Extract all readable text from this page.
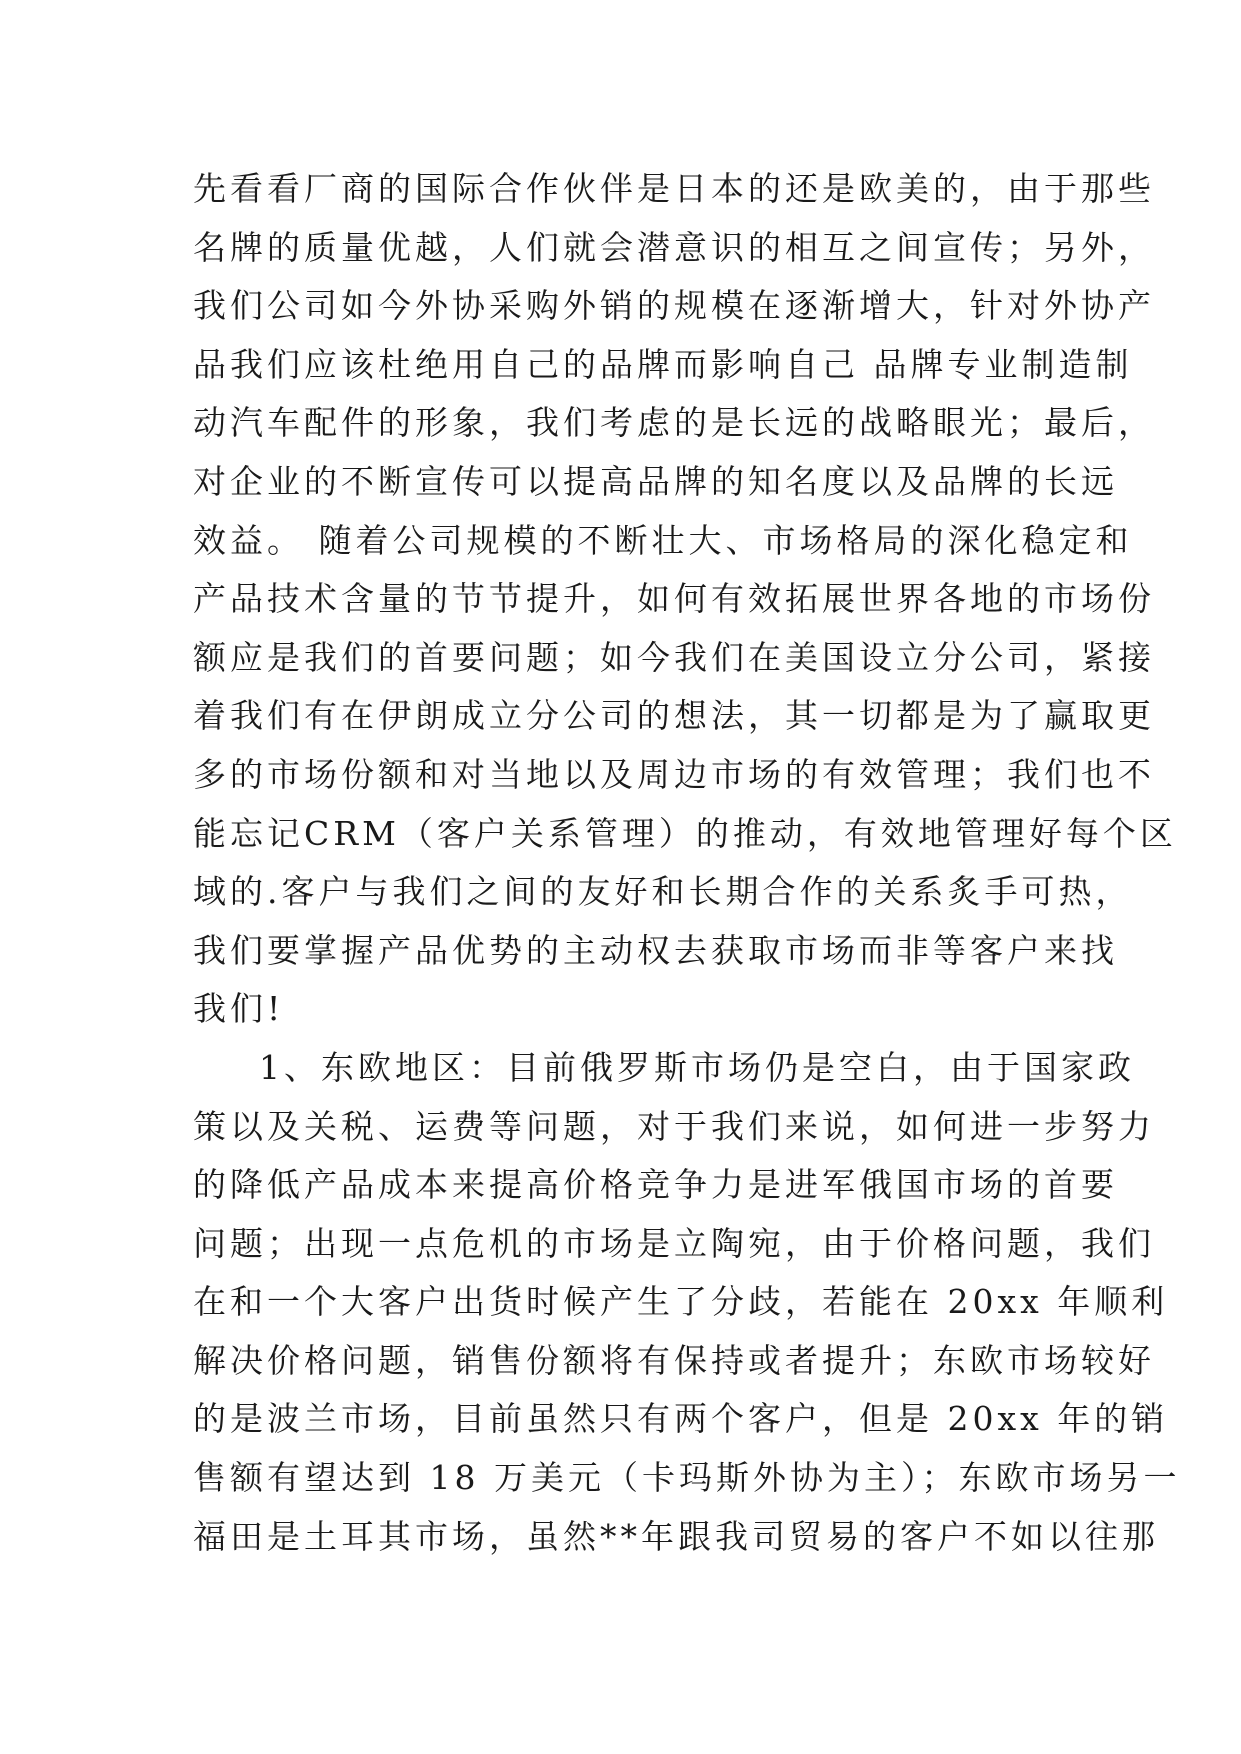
先看看厂商的国际合作伙伴是日本的还是欧美的，由于那些
名牌的质量优越，人们就会潜意识的相互之间宣传；另外，
我们公司如今外协采购外销的规模在逐渐增大，针对外协产
品我们应该杜绝用自己的品牌而影响自己 品牌专业制造制
动汽车配件的形象，我们考虑的是长远的战略眼光；最后，
对企业的不断宣传可以提高品牌的知名度以及品牌的长远
效益。 随着公司规模的不断壮大、市场格局的深化稳定和
产品技术含量的节节提升，如何有效拓展世界各地的市场份
额应是我们的首要问题；如今我们在美国设立分公司，紧接
着我们有在伊朗成立分公司的想法，其一切都是为了赢取更
多的市场份额和对当地以及周边市场的有效管理；我们也不
能忘记CRM（客户关系管理）的推动，有效地管理好每个区
域的.客户与我们之间的友好和长期合作的关系炙手可热，
我们要掌握产品优势的主动权去获取市场而非等客户来找
我们!
1、东欧地区：目前俄罗斯市场仍是空白，由于国家政
策以及关税、运费等问题，对于我们来说，如何进一步努力
的降低产品成本来提高价格竞争力是进军俄国市场的首要
问题；出现一点危机的市场是立陶宛，由于价格问题，我们
在和一个大客户出货时候产生了分歧，若能在 20xx 年顺利
解决价格问题，销售份额将有保持或者提升；东欧市场较好
的是波兰市场，目前虽然只有两个客户，但是 20xx 年的销
售额有望达到 18 万美元（卡玛斯外协为主）；东欧市场另一
福田是土耳其市场，虽然**年跟我司贸易的客户不如以往那
